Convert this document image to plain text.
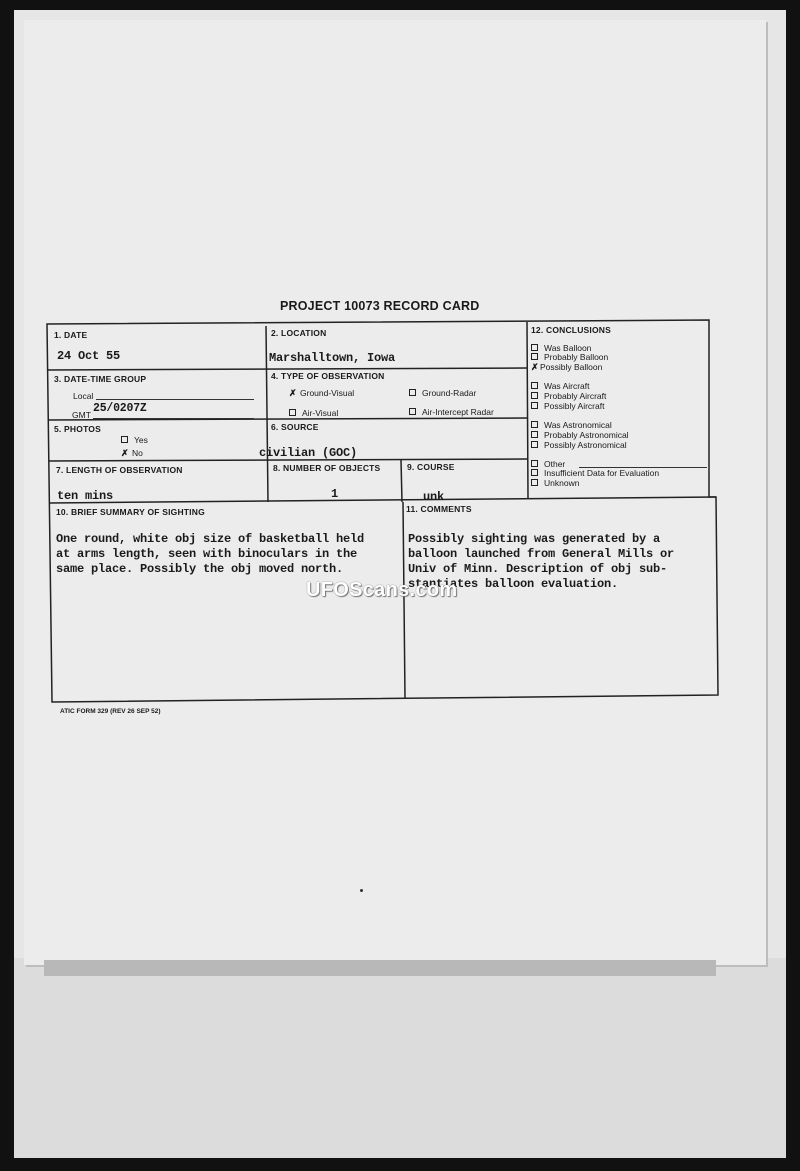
PROJECT 10073 RECORD CARD
1. DATE
24 Oct 55
2. LOCATION
Marshalltown, Iowa
3. DATE-TIME GROUP
Local
GMT 25/0207Z
4. TYPE OF OBSERVATION
✗ Ground-Visual	Ground-Radar
Air-Visual	Air-Intercept Radar
5. PHOTOS
Yes
✗ No
6. SOURCE
civilian (GOC)
7. LENGTH OF OBSERVATION
ten mins
8. NUMBER OF OBJECTS
1
9. COURSE
unk
12. CONCLUSIONS
Was Balloon
Probably Balloon
✗Possibly Balloon
Was Aircraft
Probably Aircraft
Possibly Aircraft
Was Astronomical
Probably Astronomical
Possibly Astronomical
Other
Insufficient Data for Evaluation
Unknown
10. BRIEF SUMMARY OF SIGHTING
One round, white obj size of basketball held
at arms length, seen with binoculars in the
same place. Possibly the obj moved north.
11. COMMENTS
Possibly sighting was generated by a
balloon launched from General Mills or
Univ of Minn. Description of obj sub-
stantiates balloon evaluation.
UFOScans.com
ATIC FORM 329 (REV 26 SEP 52)
